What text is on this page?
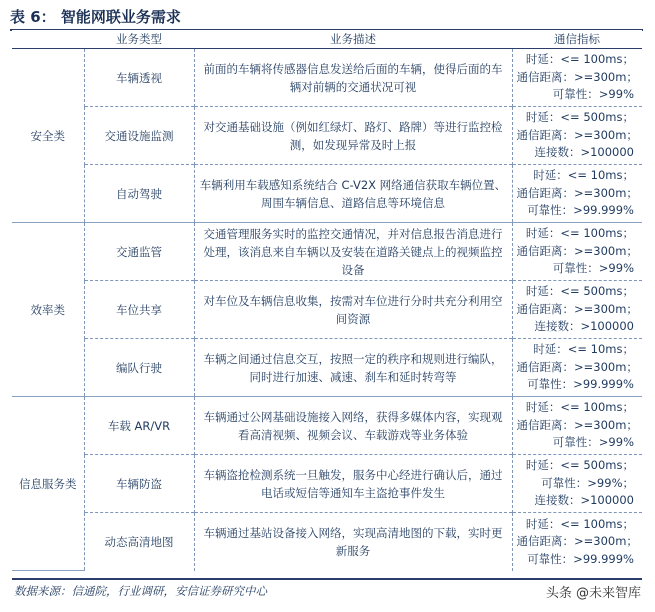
表 6： 智能网联业务需求
	业务类型	业务描述	通信指标
安全类	车辆透视	前面的车辆将传感器信息发送给后面的车辆，使得后面的车辆对前辆的交通状况可视	时延：<= 100ms；
通信距离：>=300m；
可靠性：>99%

	交通设施监测	对交通基础设施（例如红绿灯、路灯、路牌）等进行监控检测，如发现异常及时上报	时延：<= 500ms；
通信距离：>=300m；
连接数：>100000

	自动驾驶	车辆利用车载感知系统结合 C-V2X 网络通信获取车辆位置、周围车辆信息、道路信息等环境信息	时延：<= 10ms；
通信距离：>=300m；
可靠性：>99.999%

效率类	交通监管	交通管理服务实时的监控交通情况，并对信息报告消息进行处理，该消息来自车辆以及安装在道路关键点上的视频监控设备	时延：<= 100ms；
通信距离：>=300m；
可靠性：>99%

	车位共享	对车位及车辆信息收集，按需对车位进行分时共充分利用空间资源	时延：<= 500ms；
通信距离：>=300m；
连接数：>100000

	编队行驶	车辆之间通过信息交互，按照一定的秩序和规则进行编队，同时进行加速、减速、刹车和延时转弯等	时延：<= 10ms；
通信距离：>=300m；
可靠性：>99.999%

信息服务类	车载 AR/VR	车辆通过公网基础设施接入网络，获得多媒体内容，实现观看高清视频、视频会议、车载游戏等业务体验	时延：<= 100ms；
通信距离：>=300m；
可靠性：>99%

	车辆防盗	车辆盗抢检测系统一旦触发，服务中心经进行确认后，通过电话或短信等通知车主盗抢事件发生	时延：<= 500ms；
可靠性：>99%；
连接数：>100000

	动态高清地图	车辆通过基站设备接入网络，实现高清地图的下载，实时更新服务	时延：<= 100ms；
通信距离：>=300m；
可靠性：>99.999%
数据来源：信通院，行业调研，安信证券研究中心	头条 @未来智库
